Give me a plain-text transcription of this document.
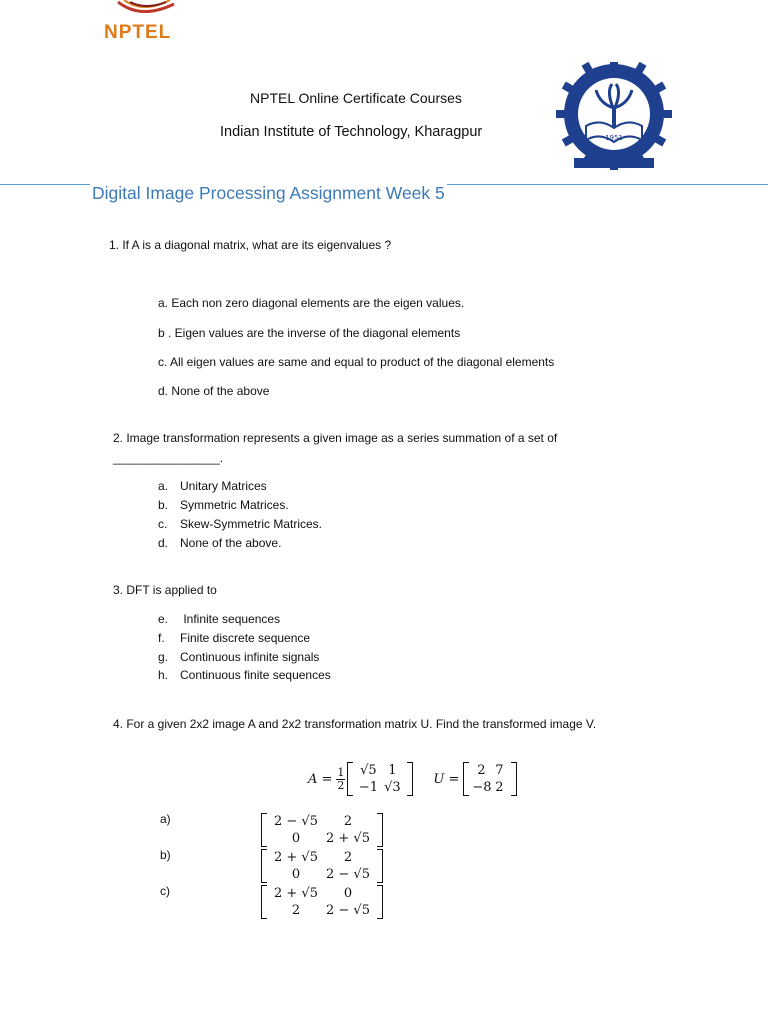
NPTEL
NPTEL Online Certificate Courses
Indian Institute of Technology, Kharagpur	1951
Digital Image Processing Assignment Week 5
1. If A is a diagonal matrix, what are its eigenvalues ?
a. Each non zero diagonal elements are the eigen values.
b . Eigen values are the inverse of the diagonal elements
c. All eigen values are same and equal to product of the diagonal elements
d. None of the above
2. Image transformation represents a given image as a series summation of a set of
________________.
a. Unitary Matrices
b. Symmetric Matrices.
c. Skew-Symmetric Matrices.
d. None of the above.
3. DFT is applied to
e. Infinite sequences
f. Finite discrete sequence
g. Continuous infinite signals
h. Continuous finite sequences
4. For a given 2x2 image A and 2x2 transformation matrix U. Find the transformed image V.
$A = \frac{1}{2} √5$ 1
−1 √3
U =
2 7
−8 2
a)	2 − √5	2
0	2 + √5
b)	2 + √5	2
0	2 − √5
c)	2 + √5	0
2	2 − √5
